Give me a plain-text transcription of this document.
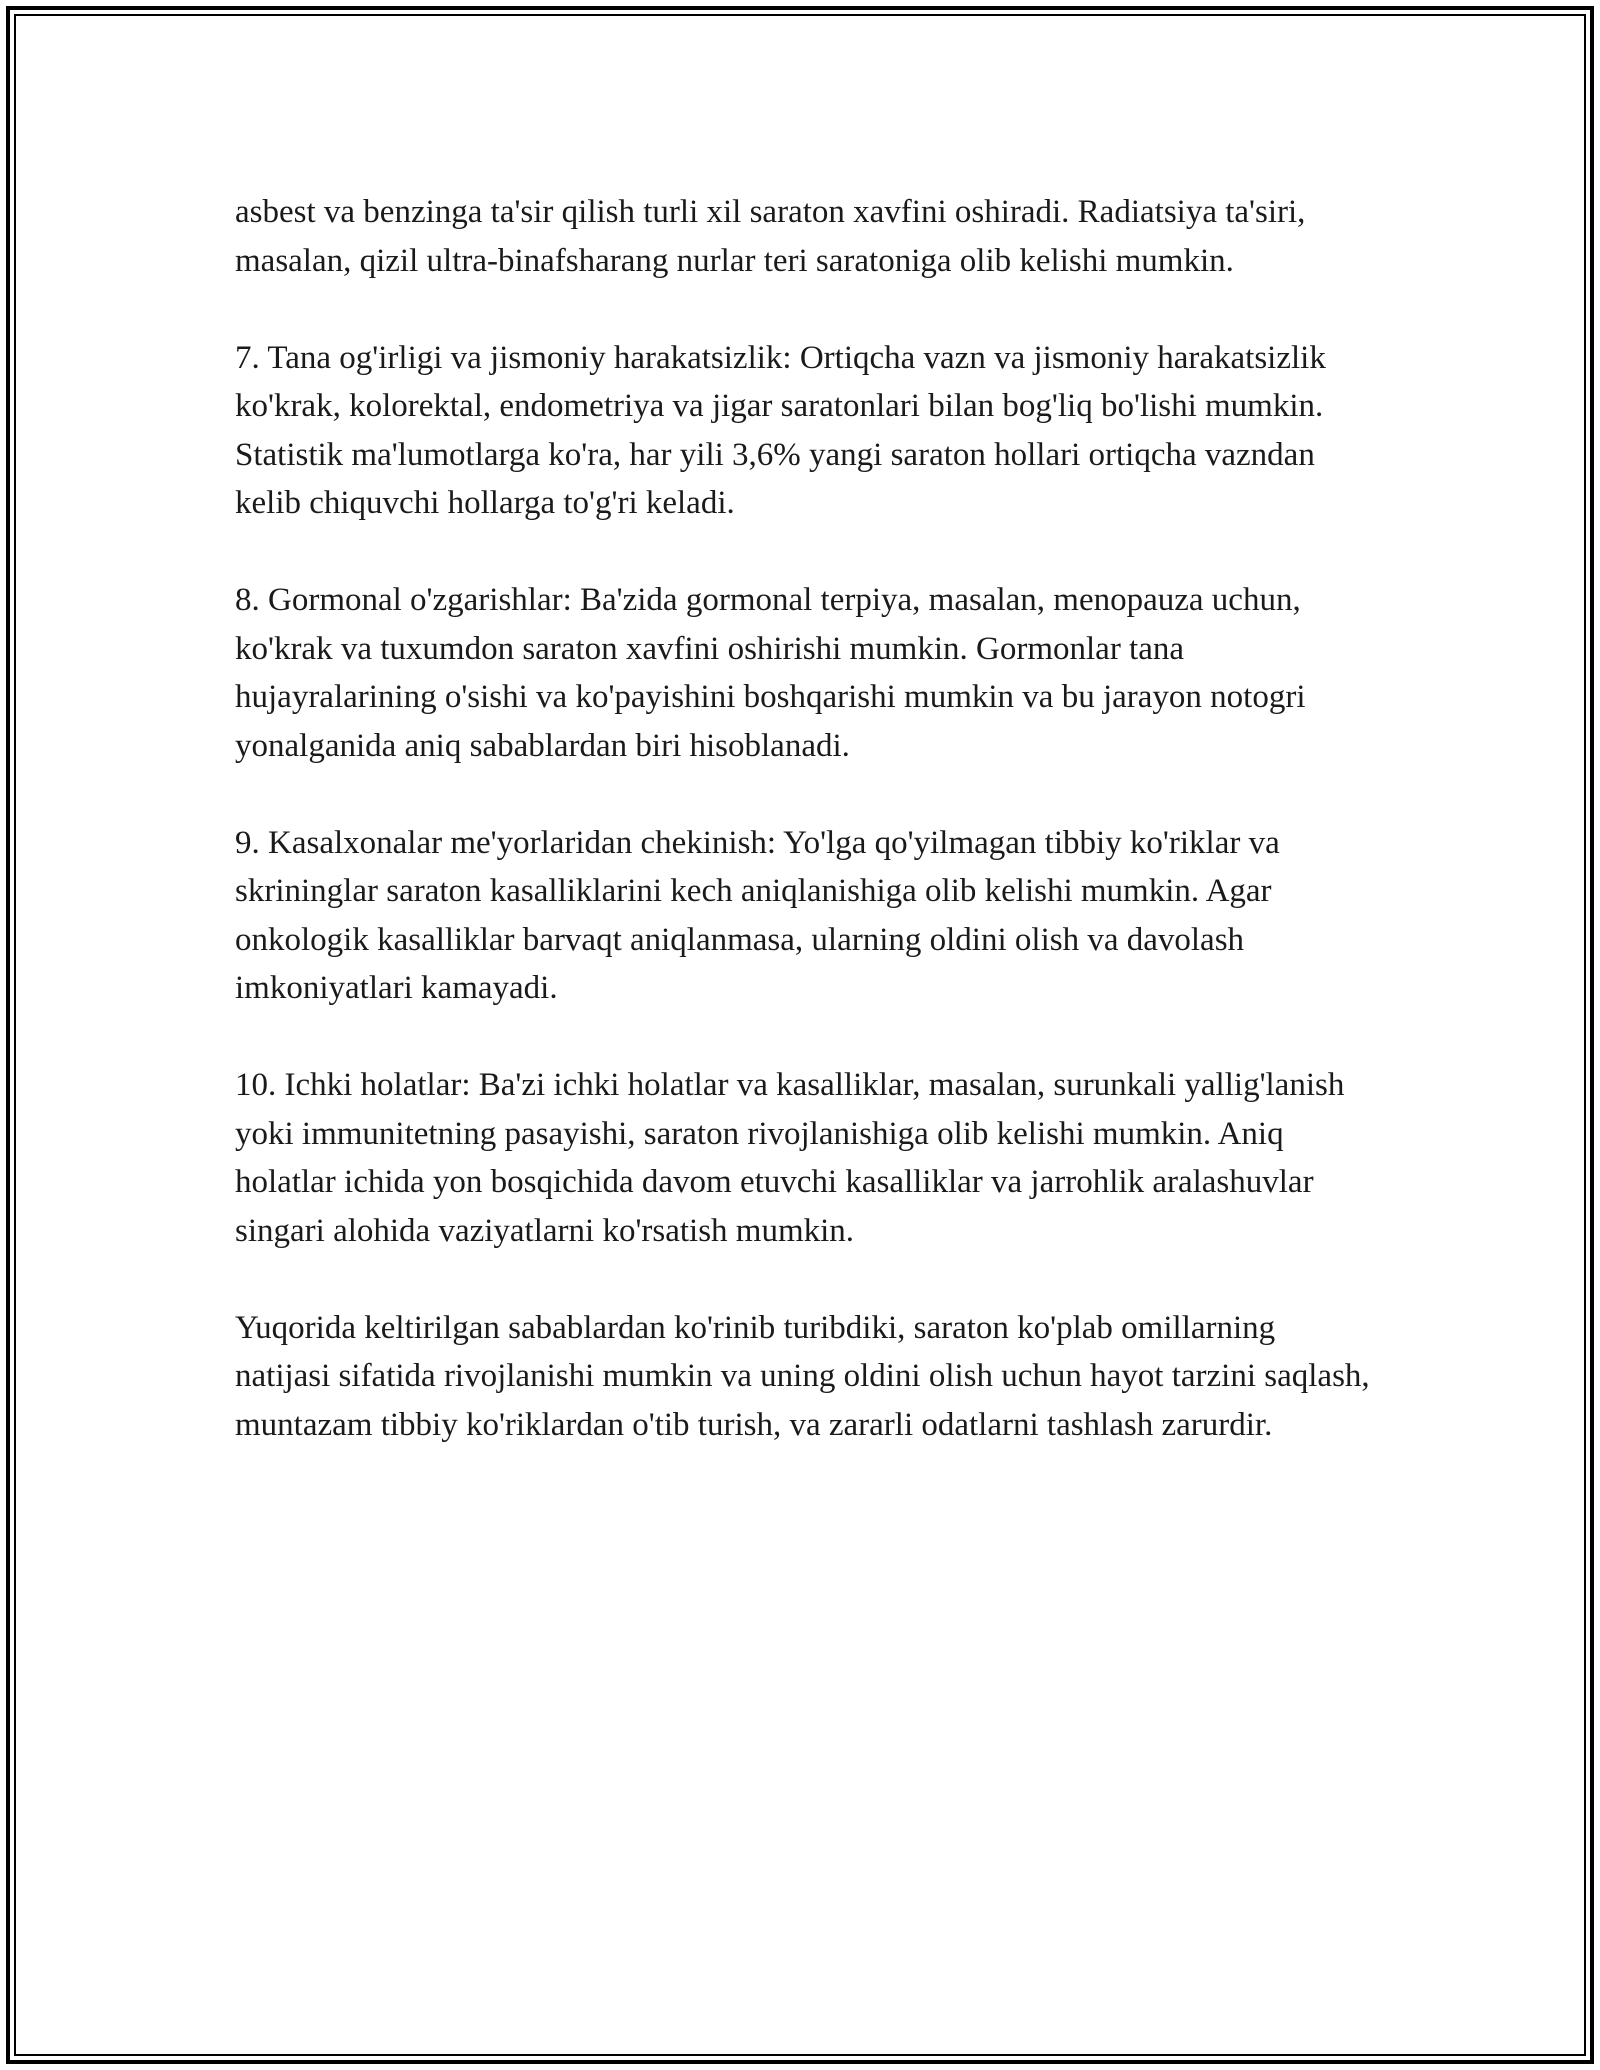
asbest va benzinga ta'sir qilish turli xil saraton xavfini oshiradi. Radiatsiya ta'siri, masalan, qizil ultra-binafsharang nurlar teri saratoniga olib kelishi mumkin.

7. Tana og'irligi va jismoniy harakatsizlik: Ortiqcha vazn va jismoniy harakatsizlik ko'krak, kolorektal, endometriya va jigar saratonlari bilan bog'liq bo'lishi mumkin. Statistik ma'lumotlarga ko'ra, har yili 3,6% yangi saraton hollari ortiqcha vazndan kelib chiquvchi hollarga to'g'ri keladi.

8. Gormonal o'zgarishlar: Ba'zida gormonal terpiya, masalan, menopauza uchun, ko'krak va tuxumdon saraton xavfini oshirishi mumkin. Gormonlar tana hujayralarining o'sishi va ko'payishini boshqarishi mumkin va bu jarayon notogri yonalganida aniq sabablardan biri hisoblanadi.

9. Kasalxonalar me'yorlaridan chekinish: Yo'lga qo'yilmagan tibbiy ko'riklar va skrininglar saraton kasalliklarini kech aniqlanishiga olib kelishi mumkin. Agar onkologik kasalliklar barvaqt aniqlanmasa, ularning oldini olish va davolash imkoniyatlari kamayadi.

10. Ichki holatlar: Ba'zi ichki holatlar va kasalliklar, masalan, surunkali yallig'lanish yoki immunitetning pasayishi, saraton rivojlanishiga olib kelishi mumkin. Aniq holatlar ichida yon bosqichida davom etuvchi kasalliklar va jarrohlik aralashuvlar singari alohida vaziyatlarni ko'rsatish mumkin.

Yuqorida keltirilgan sabablardan ko'rinib turibdiki, saraton ko'plab omillarning natijasi sifatida rivojlanishi mumkin va uning oldini olish uchun hayot tarzini saqlash, muntazam tibbiy ko'riklardan o'tib turish, va zararli odatlarni tashlash zarurdir.
